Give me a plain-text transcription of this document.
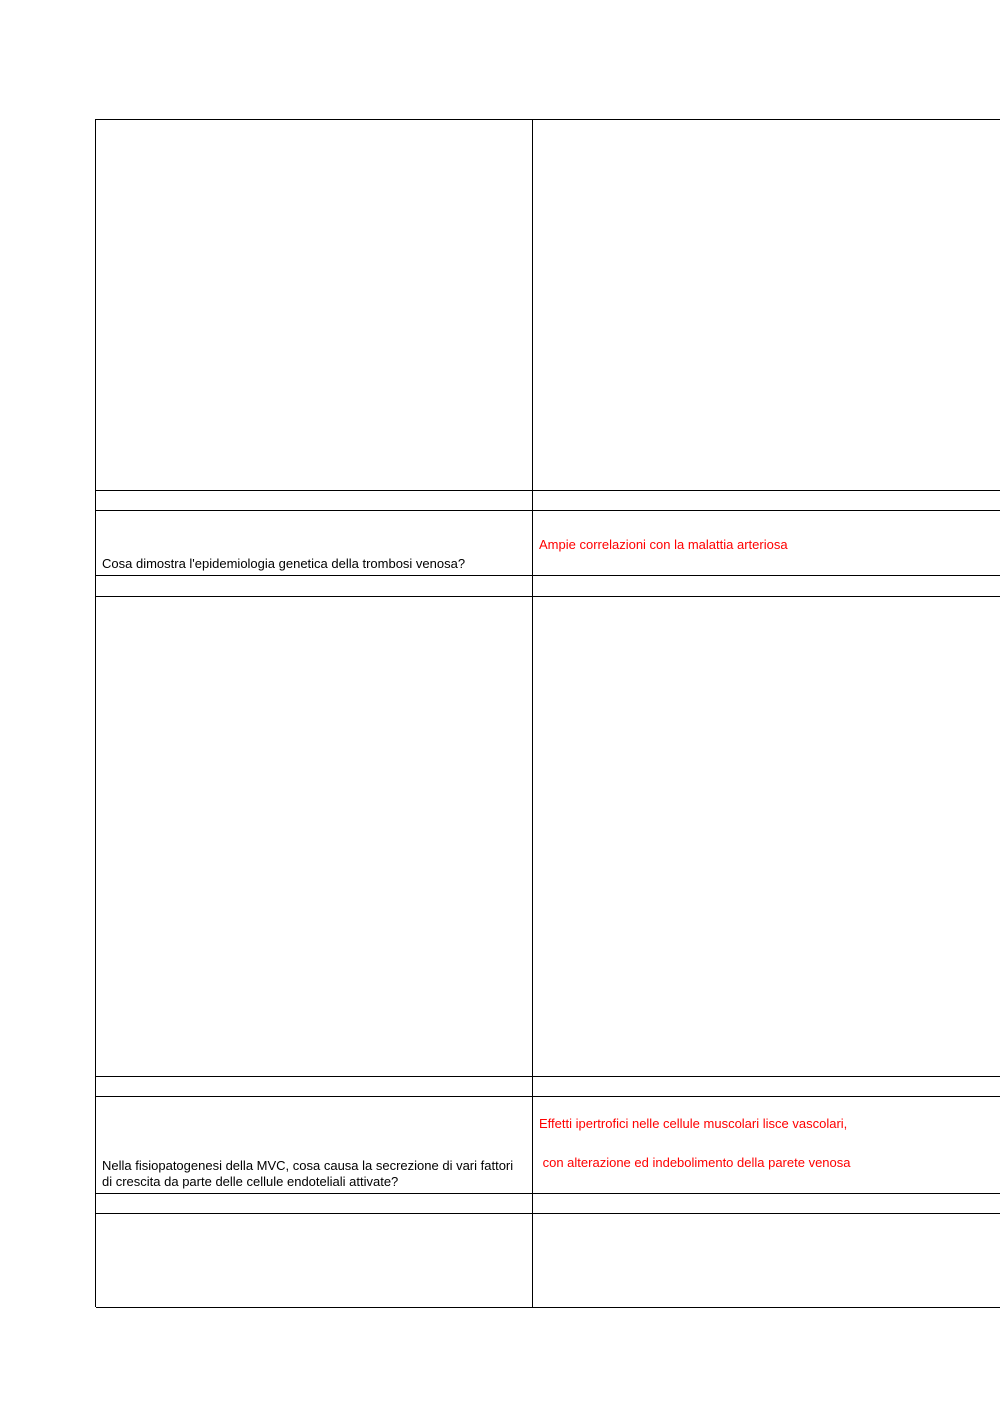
Cosa dimostra l'epidemiologia genetica della trombosi venosa?
Ampie correlazioni con la malattia arteriosa
Nella fisiopatogenesi della MVC, cosa causa la secrezione di vari fattori di crescita da parte delle cellule endoteliali attivate?
Effetti ipertrofici nelle cellule muscolari lisce vascolari,
con alterazione ed indebolimento della parete venosa
